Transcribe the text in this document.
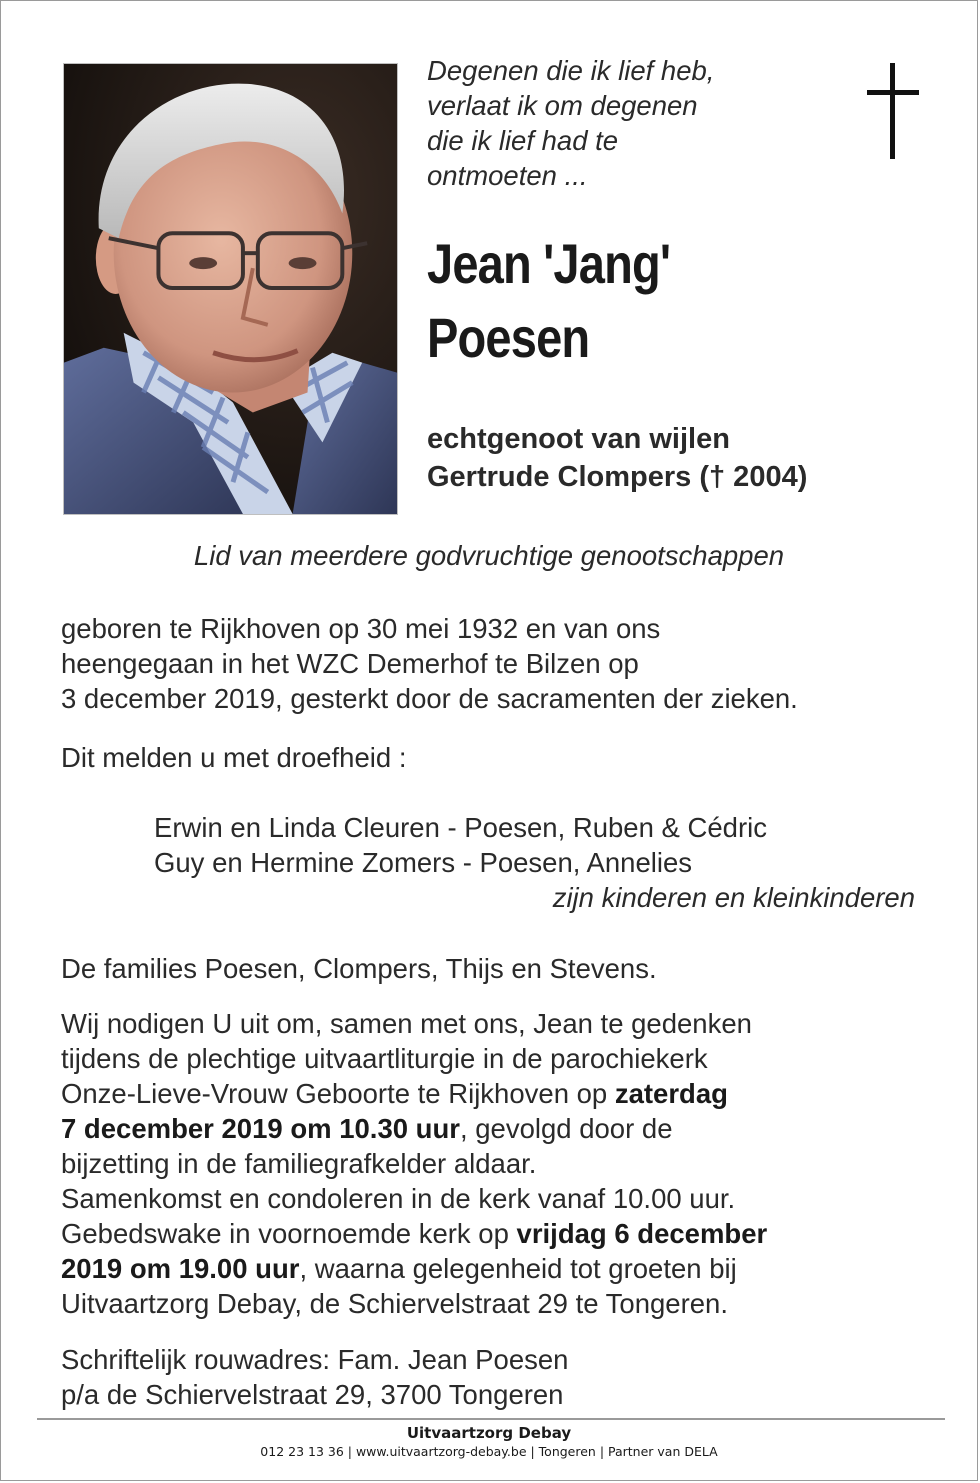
Degenen die ik lief heb,
verlaat ik om degenen
die ik lief had te
ontmoeten ...
Jean 'Jang'
Poesen
echtgenoot van wijlen
Gertrude Clompers († 2004)
Lid van meerdere godvruchtige genootschappen
geboren te Rijkhoven op 30 mei 1932 en van ons
heengegaan in het WZC Demerhof te Bilzen op
3 december 2019, gesterkt door de sacramenten der zieken.
Dit melden u met droefheid :
Erwin en Linda Cleuren - Poesen, Ruben & Cédric
Guy en Hermine Zomers - Poesen, Annelies
zijn kinderen en kleinkinderen
De families Poesen, Clompers, Thijs en Stevens.
Wij nodigen U uit om, samen met ons, Jean te gedenken
tijdens de plechtige uitvaartliturgie in de parochiekerk
Onze-Lieve-Vrouw Geboorte te Rijkhoven op zaterdag
7 december 2019 om 10.30 uur, gevolgd door de
bijzetting in de familiegrafkelder aldaar.
Samenkomst en condoleren in de kerk vanaf 10.00 uur.
Gebedswake in voornoemde kerk op vrijdag 6 december
2019 om 19.00 uur, waarna gelegenheid tot groeten bij
Uitvaartzorg Debay, de Schiervelstraat 29 te Tongeren.
Schriftelijk rouwadres: Fam. Jean Poesen
p/a de Schiervelstraat 29, 3700 Tongeren
Uitvaartzorg Debay
012 23 13 36 | www.uitvaartzorg-debay.be | Tongeren | Partner van DELA
